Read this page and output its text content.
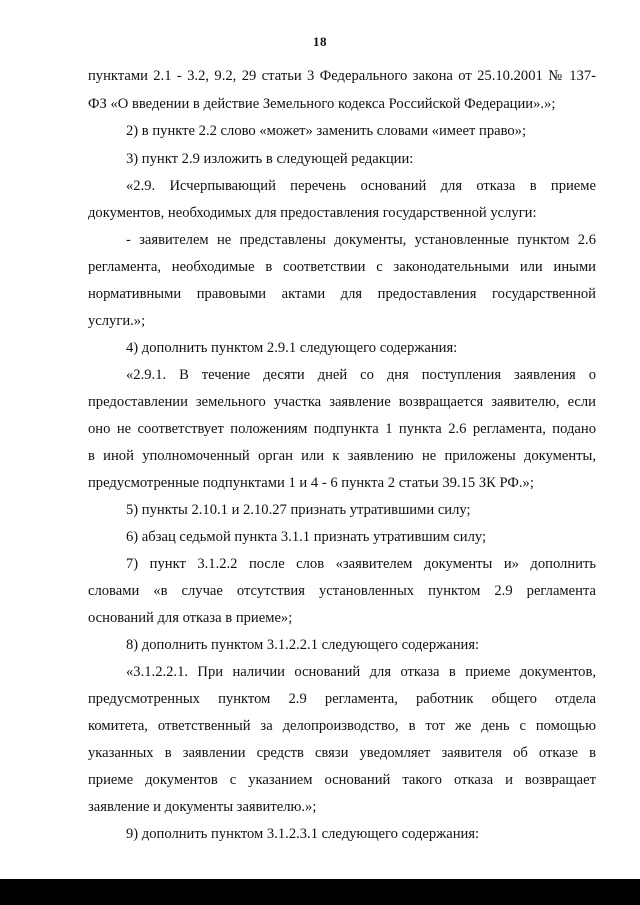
18
пунктами 2.1 - 3.2, 9.2, 29 статьи 3 Федерального закона от 25.10.2001 № 137-
ФЗ «О введении в действие Земельного кодекса Российской Федерации».»;
2) в пункте 2.2 слово «может» заменить словами «имеет право»;
3) пункт 2.9 изложить в следующей редакции:
«2.9. Исчерпывающий перечень оснований для отказа в приеме
документов, необходимых для предоставления государственной услуги:
- заявителем не представлены документы, установленные пунктом 2.6
регламента, необходимые в соответствии с законодательными или иными
нормативными правовыми актами для предоставления государственной
услуги.»;
4) дополнить пунктом 2.9.1 следующего содержания:
«2.9.1. В течение десяти дней со дня поступления заявления о
предоставлении земельного участка заявление возвращается заявителю, если
оно не соответствует положениям подпункта 1 пункта 2.6 регламента, подано
в иной уполномоченный орган или к заявлению не приложены документы,
предусмотренные подпунктами 1 и 4 - 6 пункта 2 статьи 39.15 ЗК РФ.»;
5) пункты 2.10.1 и 2.10.27 признать утратившими силу;
6) абзац седьмой пункта 3.1.1 признать утратившим силу;
7) пункт 3.1.2.2 после слов «заявителем документы и» дополнить
словами «в случае отсутствия установленных пунктом 2.9 регламента
оснований для отказа в приеме»;
8) дополнить пунктом 3.1.2.2.1 следующего содержания:
«3.1.2.2.1. При наличии оснований для отказа в приеме документов,
предусмотренных пунктом 2.9 регламента, работник общего отдела
комитета, ответственный за делопроизводство, в тот же день с помощью
указанных в заявлении средств связи уведомляет заявителя об отказе в
приеме документов с указанием оснований такого отказа и возвращает
заявление и документы заявителю.»;
9) дополнить пунктом 3.1.2.3.1 следующего содержания:
